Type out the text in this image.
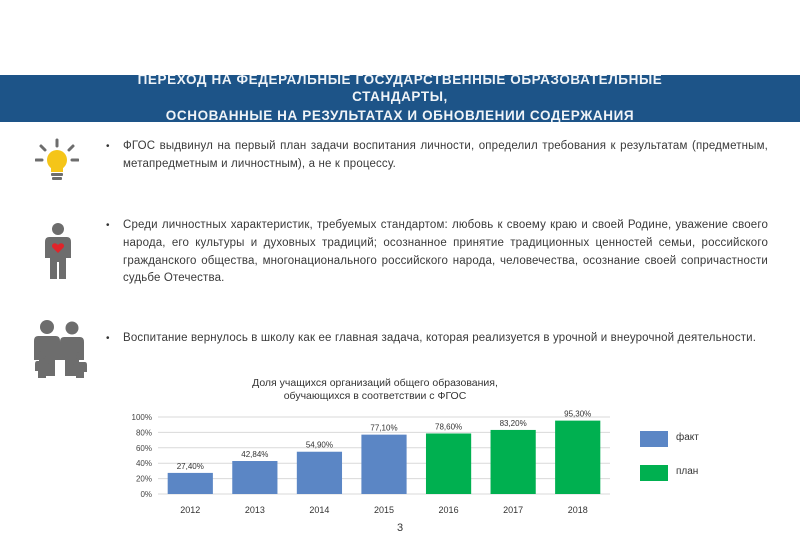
ПЕРЕХОД НА ФЕДЕРАЛЬНЫЕ ГОСУДАРСТВЕННЫЕ ОБРАЗОВАТЕЛЬНЫЕ
СТАНДАРТЫ,
ОСНОВАННЫЕ НА РЕЗУЛЬТАТАХ И ОБНОВЛЕНИИ СОДЕРЖАНИЯ
• ФГОС выдвинул на первый план задачи воспитания личности, определил требования к результатам (предметным, метапредметным и личностным), а не к процессу.
• Среди личностных характеристик, требуемых стандартом: любовь к своему краю и своей Родине, уважение своего народа, его культуры и духовных традиций; осознанное принятие традиционных ценностей семьи, российского гражданского общества, многонационального российского народа, человечества, осознание своей сопричастности судьбе Отечества.
• Воспитание вернулось в школу как ее главная задача, которая реализуется в урочной и внеурочной деятельности.
Доля учащихся организаций общего образования,
обучающихся в соответствии с ФГОС
0%
20%
40%
60%
80%
100%
27,40%
2012
42,84%
2013
54,90%
2014
77,10%
2015
78,60%
2016
83,20%
2017
95,30%
2018
факт
план
3
